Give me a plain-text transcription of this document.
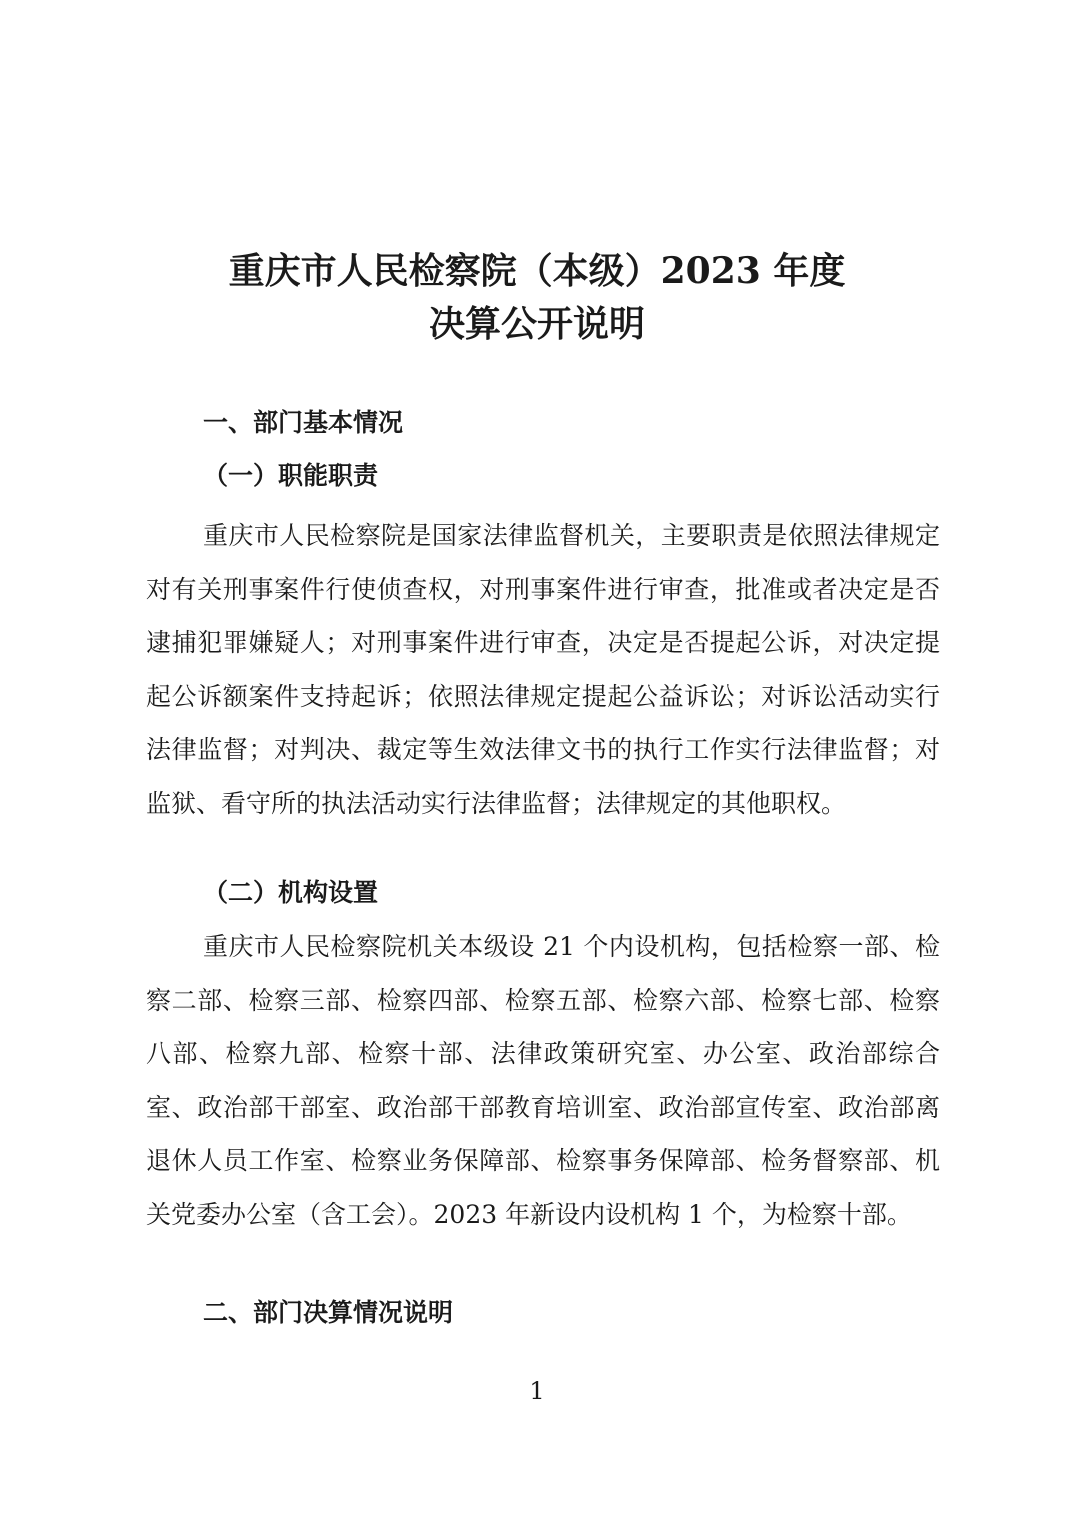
重庆市人民检察院（本级）2023 年度
决算公开说明
一、部门基本情况
（一）职能职责

重庆市人民检察院是国家法律监督机关，主要职责是依照法律规定对有关刑事案件行使侦查权，对刑事案件进行审查，批准或者决定是否逮捕犯罪嫌疑人；对刑事案件进行审查，决定是否提起公诉，对决定提起公诉额案件支持起诉；依照法律规定提起公益诉讼；对诉讼活动实行法律监督；对判决、裁定等生效法律文书的执行工作实行法律监督；对监狱、看守所的执法活动实行法律监督；法律规定的其他职权。

（二）机构设置

重庆市人民检察院机关本级设 21 个内设机构，包括检察一部、检察二部、检察三部、检察四部、检察五部、检察六部、检察七部、检察八部、检察九部、检察十部、法律政策研究室、办公室、政治部综合室、政治部干部室、政治部干部教育培训室、政治部宣传室、政治部离退休人员工作室、检察业务保障部、检察事务保障部、检务督察部、机关党委办公室（含工会）。2023 年新设内设机构 1 个，为检察十部。

二、部门决算情况说明
1
